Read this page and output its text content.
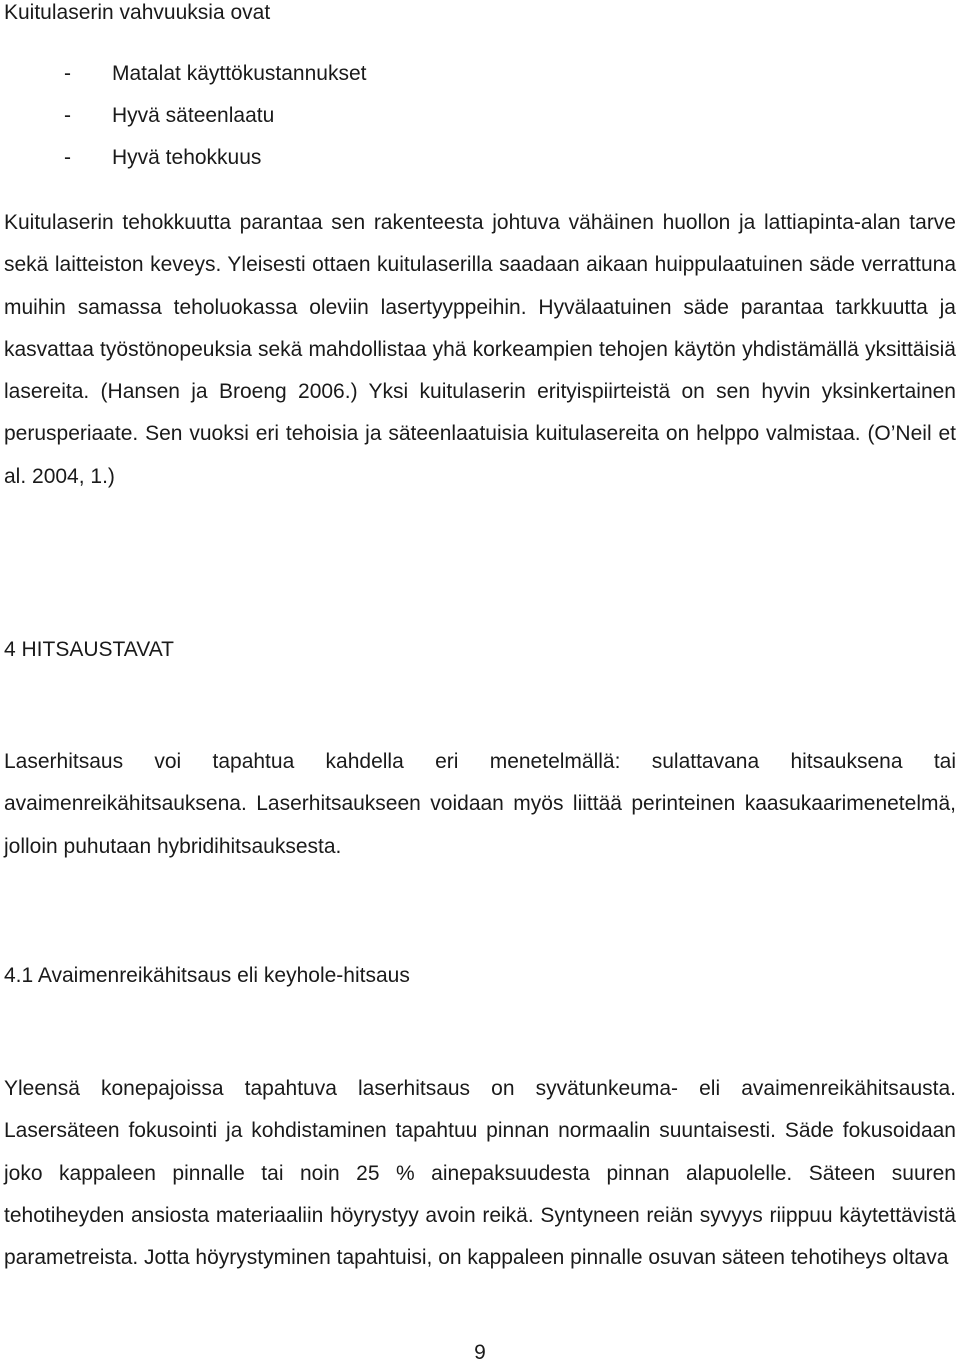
Kuitulaserin vahvuuksia ovat

- Matalat käyttökustannukset
- Hyvä säteenlaatu
- Hyvä tehokkuus

Kuitulaserin tehokkuutta parantaa sen rakenteesta johtuva vähäinen huollon ja lattiapinta-alan tarve sekä laitteiston keveys. Yleisesti ottaen kuitulaserilla saadaan aikaan huippulaatuinen säde verrattuna muihin samassa teholuokassa oleviin lasertyyppeihin. Hyvälaatuinen säde parantaa tarkkuutta ja kasvattaa työstönopeuksia sekä mahdollistaa yhä korkeampien tehojen käytön yhdistämällä yksittäisiä lasereita. (Hansen ja Broeng 2006.) Yksi kuitulaserin erityispiirteistä on sen hyvin yksinkertainen perusperiaate. Sen vuoksi eri tehoisia ja säteenlaatuisia kuitulasereita on helppo valmistaa. (O’Neil et al. 2004, 1.)

4 HITSAUSTAVAT

Laserhitsaus voi tapahtua kahdella eri menetelmällä: sulattavana hitsauksena tai avaimenreikähitsauksena. Laserhitsaukseen voidaan myös liittää perinteinen kaasukaarimenetelmä, jolloin puhutaan hybridihitsauksesta.

4.1 Avaimenreikähitsaus eli keyhole-hitsaus

Yleensä konepajoissa tapahtuva laserhitsaus on syvätunkeuma- eli avaimenreikähitsausta. Lasersäteen fokusointi ja kohdistaminen tapahtuu pinnan normaalin suuntaisesti. Säde fokusoidaan joko kappaleen pinnalle tai noin 25 % ainepaksuudesta pinnan alapuolelle. Säteen suuren tehotiheyden ansiosta materiaaliin höyrystyy avoin reikä. Syntyneen reiän syvyys riippuu käytettävistä parametreista. Jotta höyrystyminen tapahtuisi, on kappaleen pinnalle osuvan säteen tehotiheys oltava

9
